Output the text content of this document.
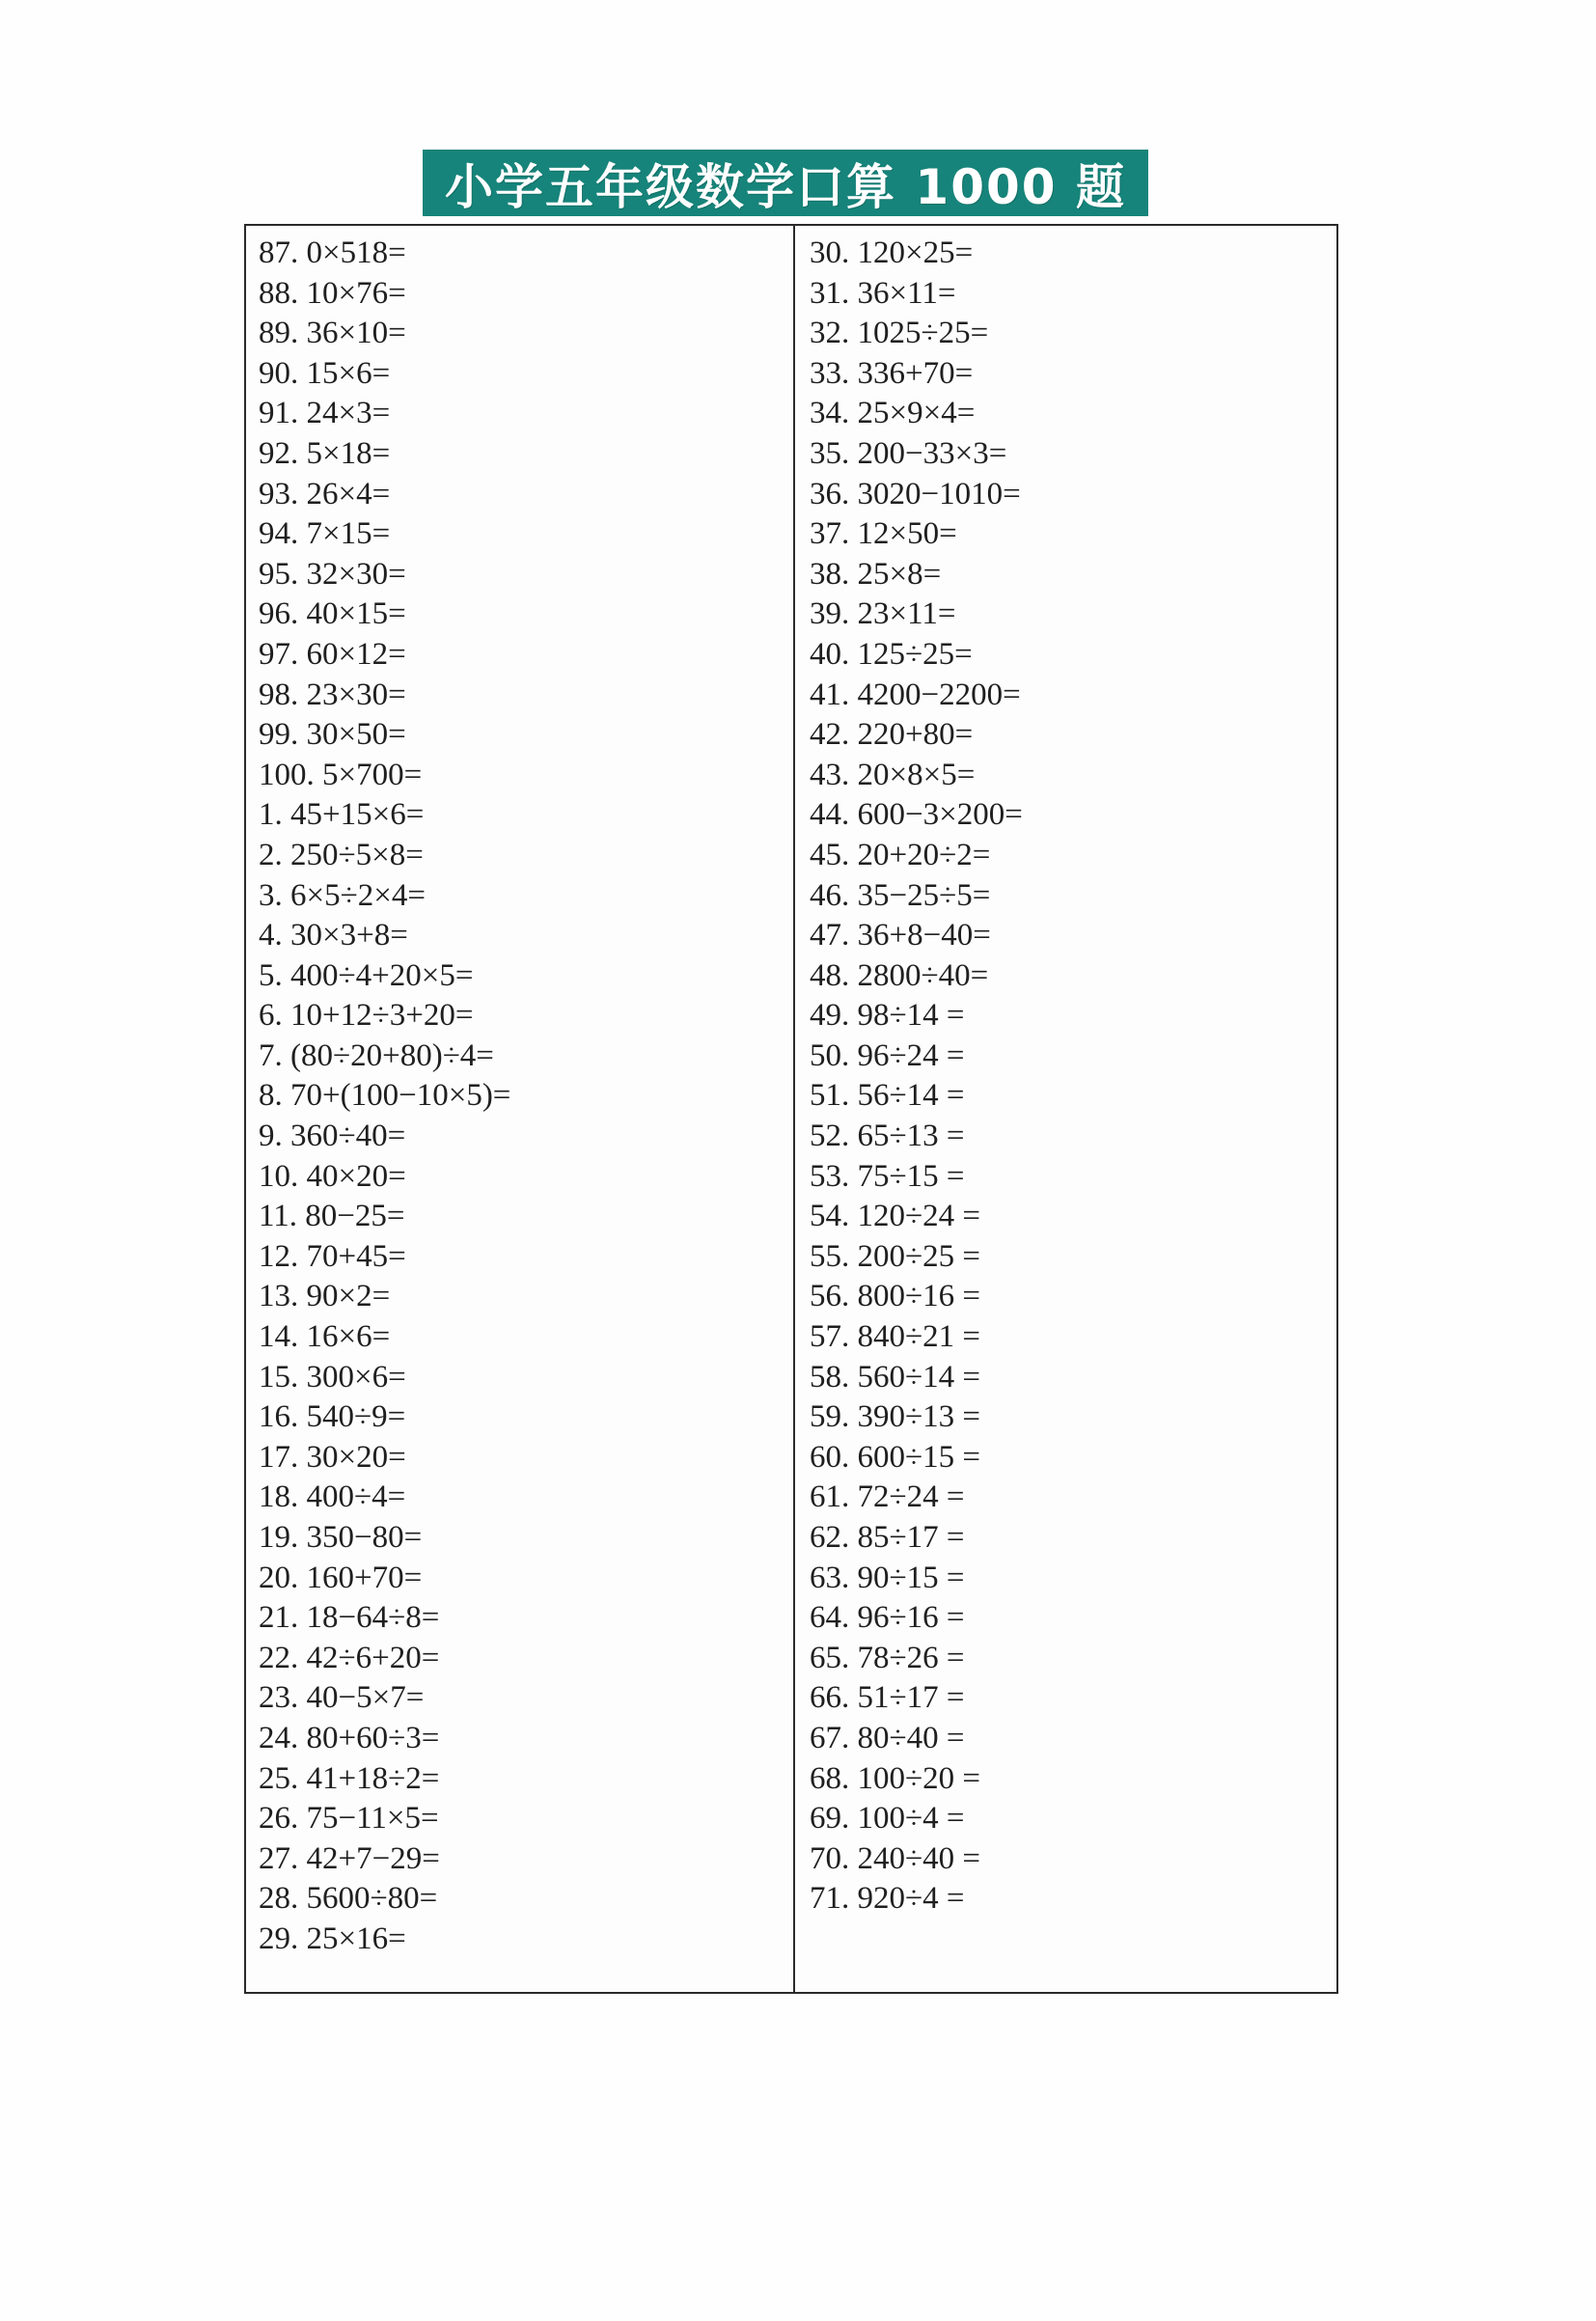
小学五年级数学口算 1000 题
87. 0×518=
88. 10×76=
89. 36×10=
90. 15×6=
91. 24×3=
92. 5×18=
93. 26×4=
94. 7×15=
95. 32×30=
96. 40×15=
97. 60×12=
98. 23×30=
99. 30×50=
100. 5×700=
1. 45+15×6=
2. 250÷5×8=
3. 6×5÷2×4=
4. 30×3+8=
5. 400÷4+20×5=
6. 10+12÷3+20=
7. (80÷20+80)÷4=
8. 70+(100−10×5)=
9. 360÷40=
10. 40×20=
11. 80−25=
12. 70+45=
13. 90×2=
14. 16×6=
15. 300×6=
16. 540÷9=
17. 30×20=
18. 400÷4=
19. 350−80=
20. 160+70=
21. 18−64÷8=
22. 42÷6+20=
23. 40−5×7=
24. 80+60÷3=
25. 41+18÷2=
26. 75−11×5=
27. 42+7−29=
28. 5600÷80=
29. 25×16=
30. 120×25=
31. 36×11=
32. 1025÷25=
33. 336+70=
34. 25×9×4=
35. 200−33×3=
36. 3020−1010=
37. 12×50=
38. 25×8=
39. 23×11=
40. 125÷25=
41. 4200−2200=
42. 220+80=
43. 20×8×5=
44. 600−3×200=
45. 20+20÷2=
46. 35−25÷5=
47. 36+8−40=
48. 2800÷40=
49. 98÷14 =
50. 96÷24 =
51. 56÷14 =
52. 65÷13 =
53. 75÷15 =
54. 120÷24 =
55. 200÷25 =
56. 800÷16 =
57. 840÷21 =
58. 560÷14 =
59. 390÷13 =
60. 600÷15 =
61. 72÷24 =
62. 85÷17 =
63. 90÷15 =
64. 96÷16 =
65. 78÷26 =
66. 51÷17 =
67. 80÷40 =
68. 100÷20 =
69. 100÷4 =
70. 240÷40 =
71. 920÷4 =
